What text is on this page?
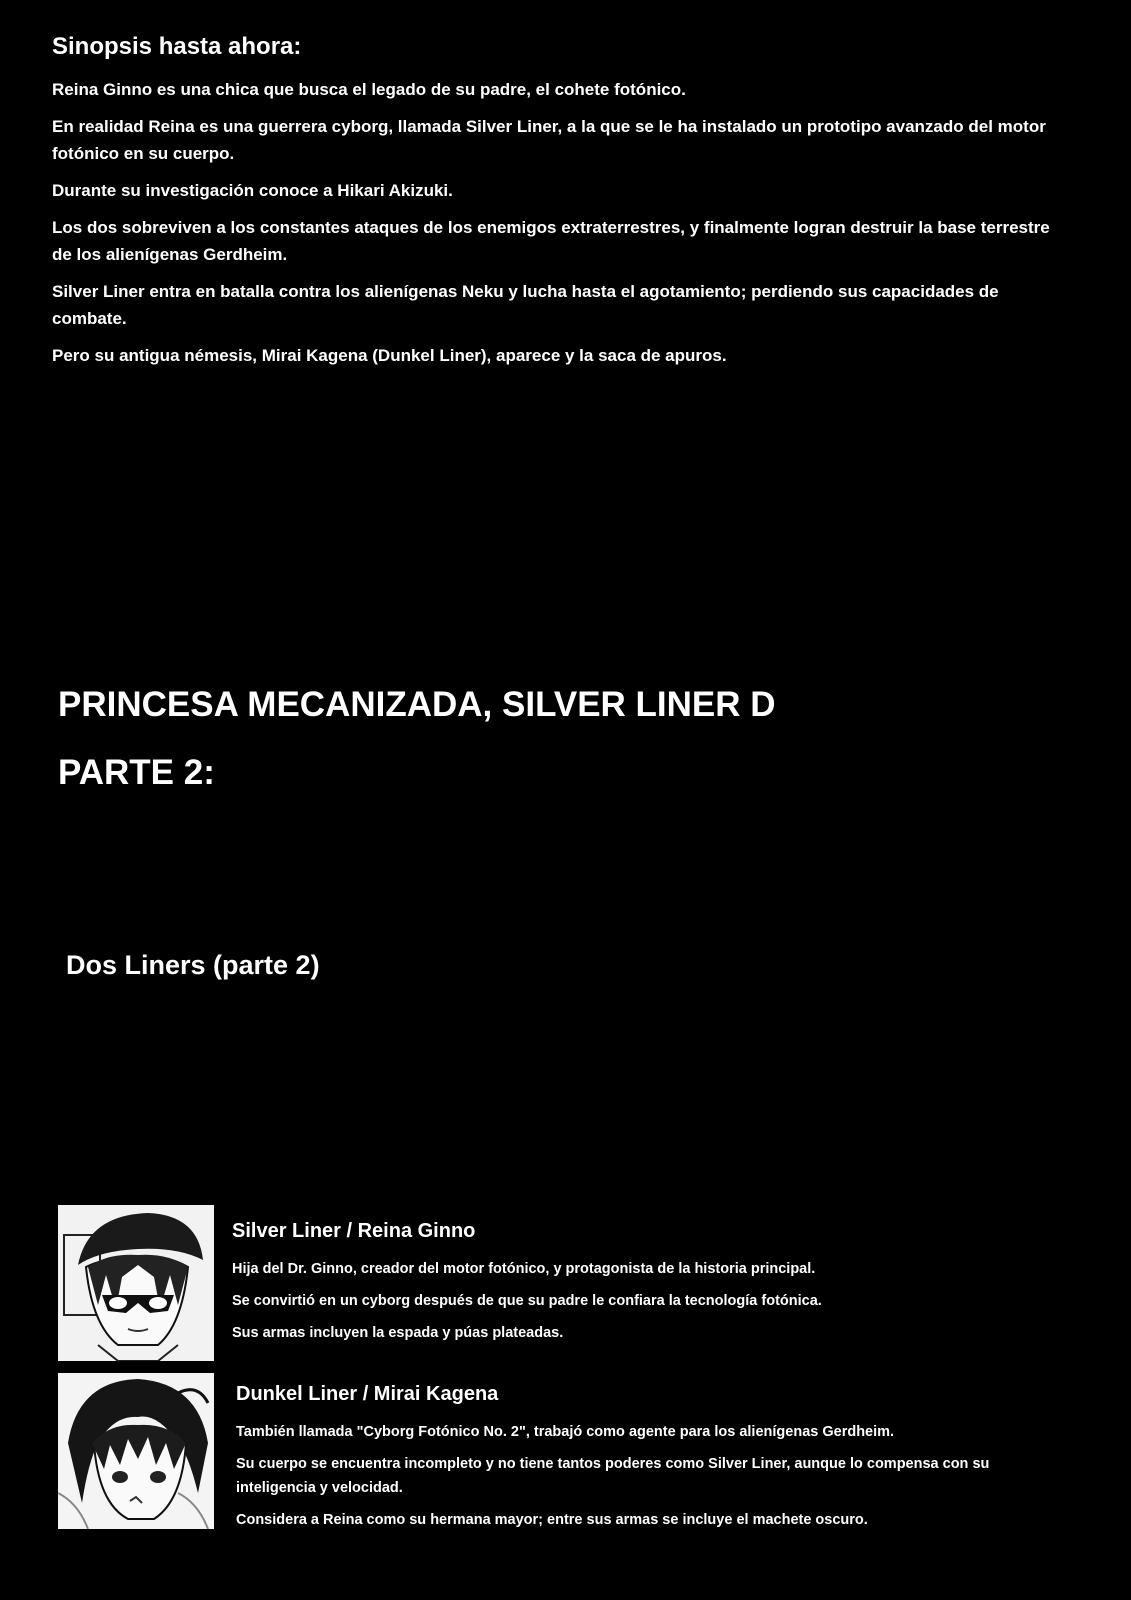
Sinopsis hasta ahora:

Reina Ginno es una chica que busca el legado de su padre, el cohete fotónico.

En realidad Reina es una guerrera cyborg, llamada Silver Liner, a la que se le ha instalado un prototipo avanzado del motor fotónico en su cuerpo.

Durante su investigación conoce a Hikari Akizuki.

Los dos sobreviven a los constantes ataques de los enemigos extraterrestres, y finalmente logran destruir la base terrestre de los alienígenas Gerdheim.

Silver Liner entra en batalla contra los alienígenas Neku y lucha hasta el agotamiento; perdiendo sus capacidades de combate.

Pero su antigua némesis, Mirai Kagena (Dunkel Liner), aparece y la saca de apuros.

PRINCESA MECANIZADA, SILVER LINER D
PARTE 2:
Dos Liners (parte 2)
Silver Liner / Reina Ginno

Hija del Dr. Ginno, creador del motor fotónico, y protagonista de la historia principal.

Se convirtió en un cyborg después de que su padre le confiara la tecnología fotónica.

Sus armas incluyen la espada y púas plateadas.

Dunkel Liner / Mirai Kagena

También llamada "Cyborg Fotónico No. 2", trabajó como agente para los alienígenas Gerdheim.

Su cuerpo se encuentra incompleto y no tiene tantos poderes como Silver Liner, aunque lo compensa con su inteligencia y velocidad.

Considera a Reina como su hermana mayor; entre sus armas se incluye el machete oscuro.
